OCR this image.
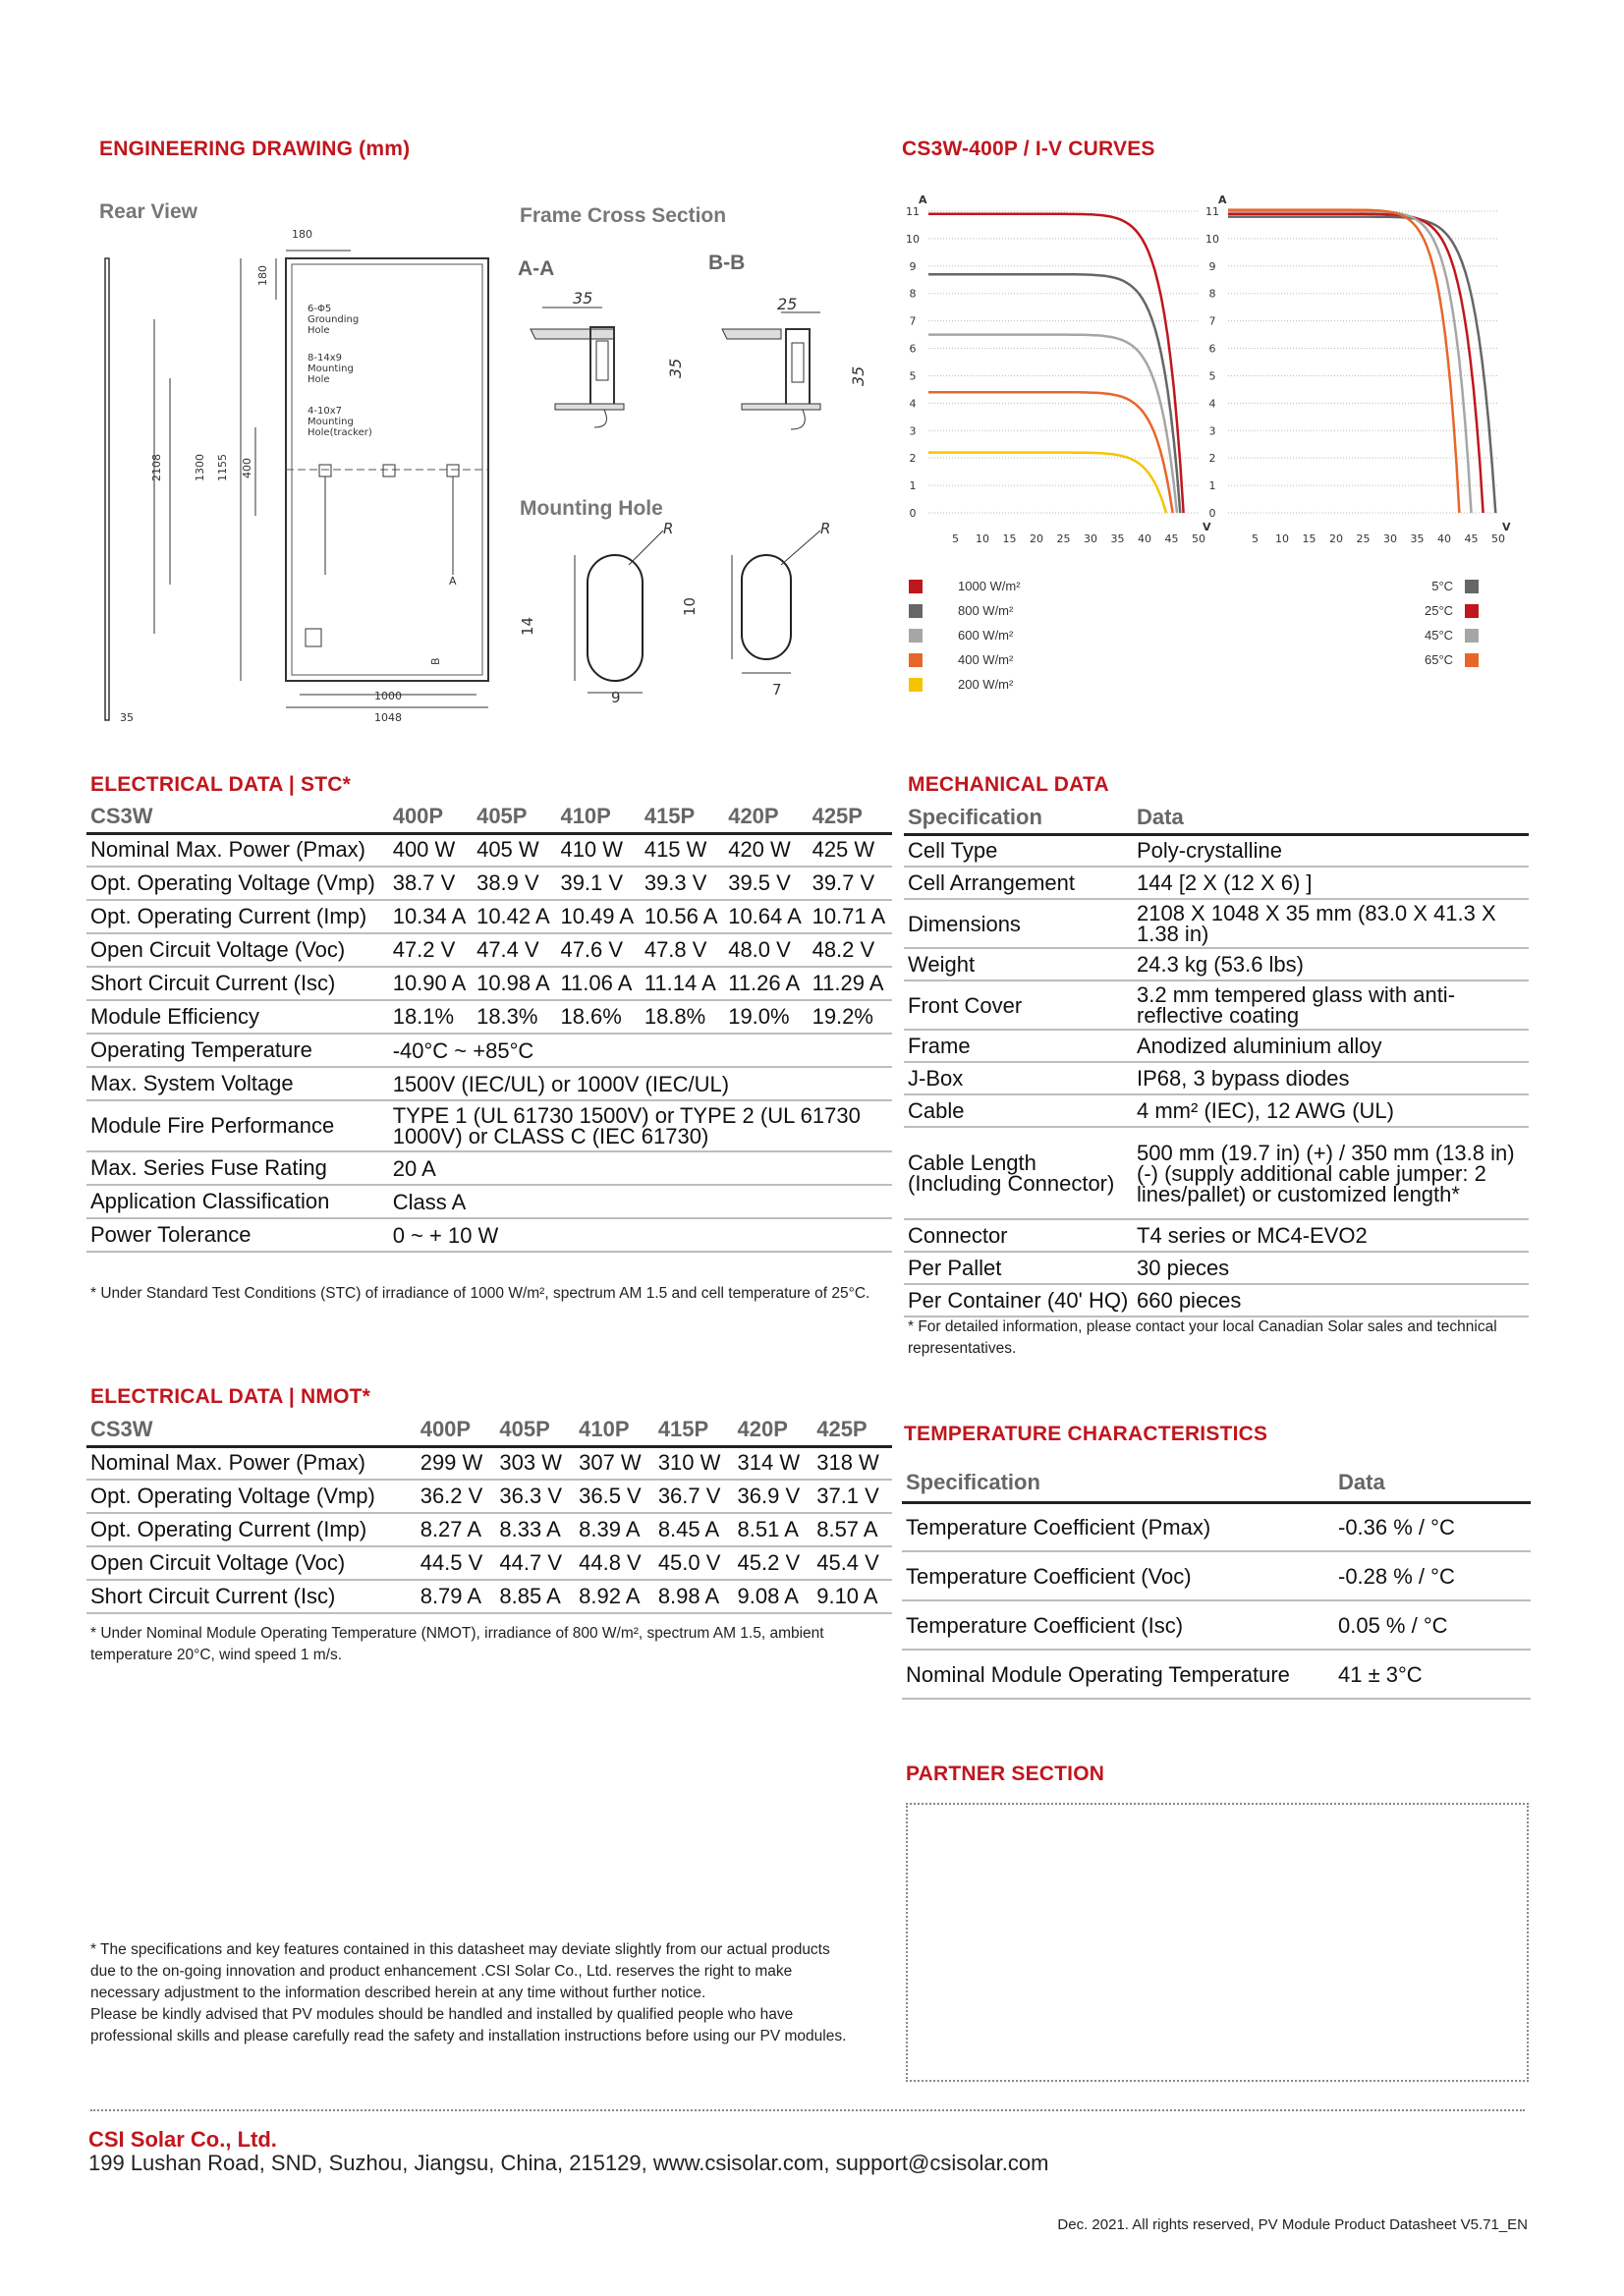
ENGINEERING DRAWING (mm)
Rear View	Frame Cross Section
A-A	B-B
Mounting Hole
180
180
2108	1300 1155 400
1000
1048
35
A
B
6-Φ5
Grounding
Hole
8-14x9
Mounting
Hole
4-10x7
Mounting
Hole(tracker)
35
35
25
35
14
9
10
7
R	R
CS3W-400P / I-V CURVES
0
1
2
3
4
5
6
7
8
9
10
11
A
5 10 15 20 25 30 35 40 45 50
V
0
1
2
3
4
5
6
7
8
9
10
11
A
5 10 15 20 25 30 35 40 45 50
V
1000 W/m²
800 W/m²
600 W/m²
400 W/m²
200 W/m²
5°C
25°C
45°C
65°C
ELECTRICAL DATA | STC*
CS3W	400P	405P	410P	415P	420P	425P
Nominal Max. Power (Pmax)	400 W	405 W	410 W	415 W	420 W	425 W
Opt. Operating Voltage (Vmp)	38.7 V	38.9 V	39.1 V	39.3 V	39.5 V	39.7 V
Opt. Operating Current (Imp)	10.34 A	10.42 A	10.49 A	10.56 A	10.64 A	10.71 A
Open Circuit Voltage (Voc)	47.2 V	47.4 V	47.6 V	47.8 V	48.0 V	48.2 V
Short Circuit Current (Isc)	10.90 A	10.98 A	11.06 A	11.14 A	11.26 A	11.29 A
Module Efficiency	18.1%	18.3%	18.6%	18.8%	19.0%	19.2%
Operating Temperature	-40°C ~ +85°C					
Max. System Voltage	1500V (IEC/UL) or 1000V (IEC/UL)					
Module Fire Performance	TYPE 1 (UL 61730 1500V) or TYPE 2 (UL 61730 1000V) or CLASS C (IEC 61730)					
Max. Series Fuse Rating	20 A					
Application Classification	Class A					
Power Tolerance	0 ~ + 10 W					
* Under Standard Test Conditions (STC) of irradiance of 1000 W/m², spectrum AM 1.5 and cell temperature of 25°C.
ELECTRICAL DATA | NMOT*
CS3W	400P	405P	410P	415P	420P	425P
Nominal Max. Power (Pmax)	299 W	303 W	307 W	310 W	314 W	318 W
Opt. Operating Voltage (Vmp)	36.2 V	36.3 V	36.5 V	36.7 V	36.9 V	37.1 V
Opt. Operating Current (Imp)	8.27 A	8.33 A	8.39 A	8.45 A	8.51 A	8.57 A
Open Circuit Voltage (Voc)	44.5 V	44.7 V	44.8 V	45.0 V	45.2 V	45.4 V
Short Circuit Current (Isc)	8.79 A	8.85 A	8.92 A	8.98 A	9.08 A	9.10 A
* Under Nominal Module Operating Temperature (NMOT), irradiance of 800 W/m², spectrum AM 1.5, ambient temperature 20°C, wind speed 1 m/s.
MECHANICAL DATA
Specification	Data
Cell Type	Poly-crystalline
Cell Arrangement	144 [2 X (12 X 6) ]
Dimensions	2108 X 1048 X 35 mm (83.0 X 41.3 X 1.38 in)
Weight	24.3 kg (53.6 lbs)
Front Cover	3.2 mm tempered glass with anti-reflective coating
Frame	Anodized aluminium alloy
J-Box	IP68, 3 bypass diodes
Cable	4 mm² (IEC), 12 AWG (UL)
Cable Length (Including Connector)	500 mm (19.7 in) (+) / 350 mm (13.8 in) (-) (supply additional cable jumper: 2 lines/pallet) or customized length*
Connector	T4 series or MC4-EVO2
Per Pallet	30 pieces
Per Container (40' HQ)	660 pieces
* For detailed information, please contact your local Canadian Solar sales and technical representatives.
TEMPERATURE CHARACTERISTICS
Specification	Data
Temperature Coefficient (Pmax)	-0.36 % / °C
Temperature Coefficient (Voc)	-0.28 % / °C
Temperature Coefficient (Isc)	0.05 % / °C
Nominal Module Operating Temperature	41 ± 3°C
PARTNER SECTION
* The specifications and key features contained in this datasheet may deviate slightly from our actual products due to the on-going innovation and product enhancement .CSI Solar Co., Ltd. reserves the right to make necessary adjustment to the information described herein at any time without further notice.
Please be kindly advised that PV modules should be handled and installed by qualified people who have professional skills and please carefully read the safety and installation instructions before using our PV modules.
CSI Solar Co., Ltd.
199 Lushan Road, SND, Suzhou, Jiangsu, China, 215129, www.csisolar.com, support@csisolar.com
Dec. 2021. All rights reserved, PV Module Product Datasheet V5.71_EN
